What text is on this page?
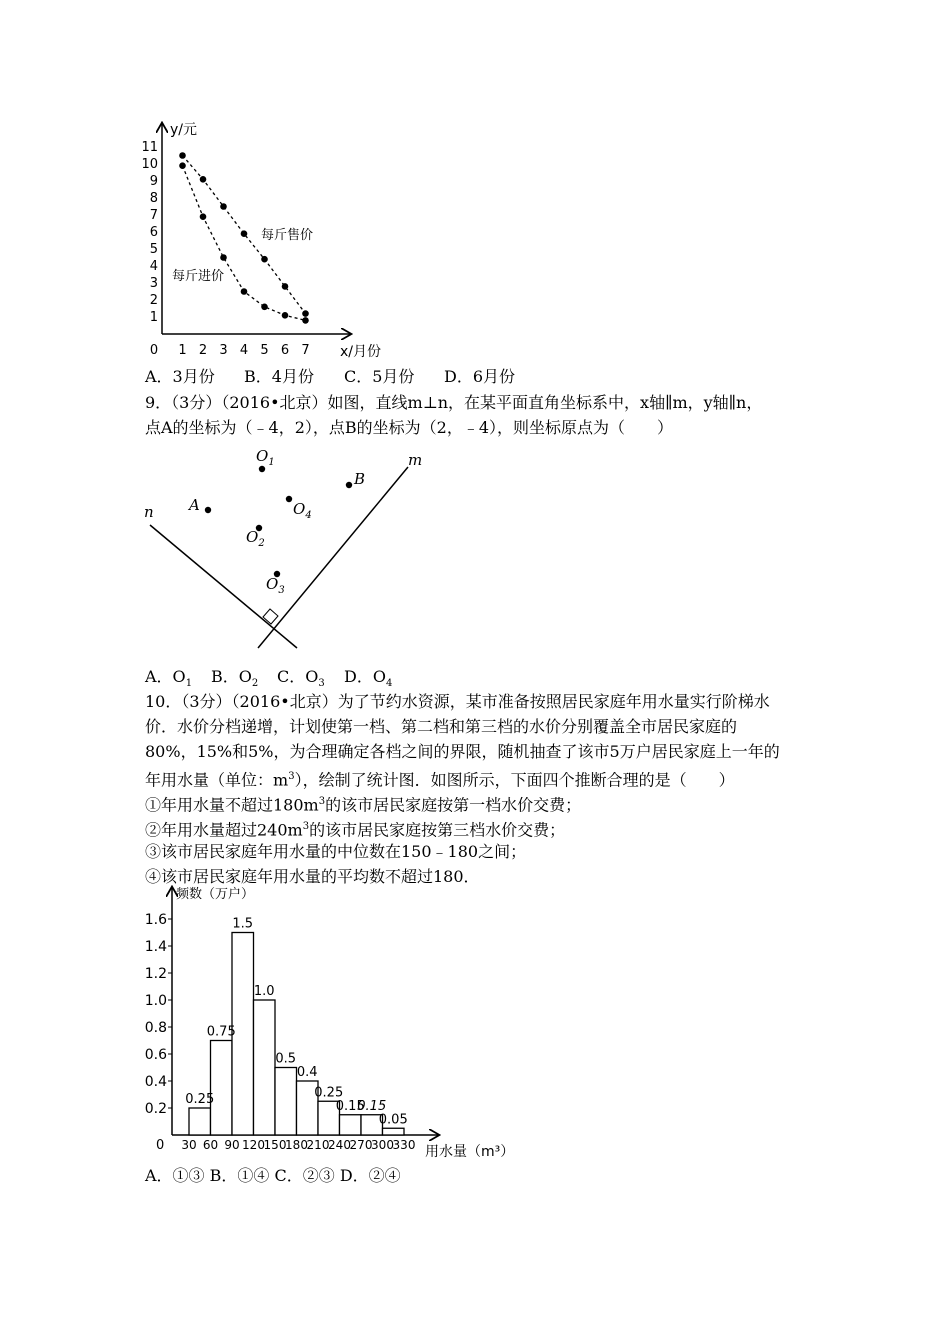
y/元
x/月份
0 1 2 3 4 5 6 7
1
2
3
4
5
6
7
8
9
10
11
每斤售价
每斤进价
A．3月份 B．4月份 C．5月份 D．6月份
9．（3分）（2016•北京）如图，直线m⊥n，在某平面直角坐标系中，x轴∥m，y轴∥n，
点A的坐标为（﹣4，2），点B的坐标为（2，﹣4），则坐标原点为（　　）
n
m
A
B
$O_1$
$O_4$
$O_2$
$O_3$
A．$O_1$ B．$O_2$ C．$O_3$ D．$O_4$
10．（3分）（2016•北京）为了节约水资源，某市准备按照居民家庭年用水量实行阶梯水
价．水价分档递增，计划使第一档、第二档和第三档的水价分别覆盖全市居民家庭的
80%，15%和5%，为合理确定各档之间的界限，随机抽查了该市5万户居民家庭上一年的
年用水量（单位：$m^3$），绘制了统计图．如图所示，下面四个推断合理的是（　　）
①年用水量不超过$180m^3$的该市居民家庭按第一档水价交费；
②年用水量超过$240m^3$的该市居民家庭按第三档水价交费；
③该市居民家庭年用水量的中位数在150﹣180之间；
④该市居民家庭年用水量的平均数不超过180．
频数（万户）
用水量（m³）
0
0.2
0.4
0.6
0.8
1.0
1.2
1.4
1.6
0.25
0.75
1.5
1.0
0.5
0.4
0.25
0.15
0.15
0.05
30 60 90 120
150
180
210
240
270
300
330
A．①③ B．①④ C．②③ D．②④
